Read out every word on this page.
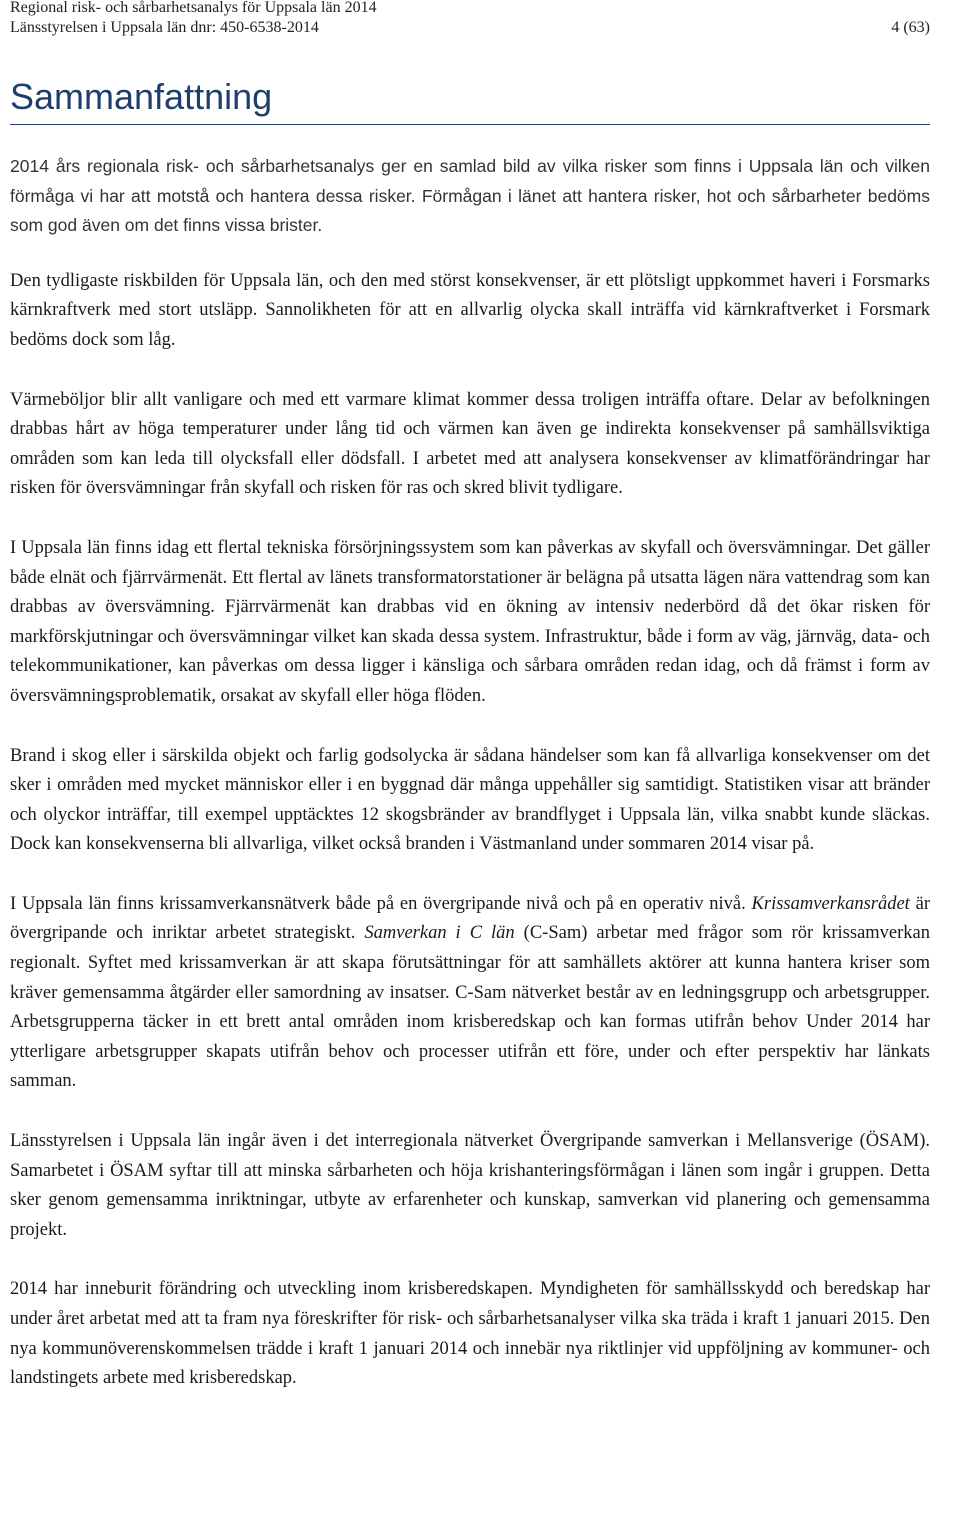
Regional risk- och sårbarhetsanalys för Uppsala län 2014
Länsstyrelsen i Uppsala län dnr: 450-6538-2014	4 (63)
Sammanfattning

2014 års regionala risk- och sårbarhetsanalys ger en samlad bild av vilka risker som finns i Uppsala län och vilken förmåga vi har att motstå och hantera dessa risker. Förmågan i länet att hantera risker, hot och sårbarheter bedöms som god även om det finns vissa brister.

Den tydligaste riskbilden för Uppsala län, och den med störst konsekvenser, är ett plötsligt uppkommet haveri i Forsmarks kärnkraftverk med stort utsläpp. Sannolikheten för att en allvarlig olycka skall inträffa vid kärnkraftverket i Forsmark bedöms dock som låg.

Värmeböljor blir allt vanligare och med ett varmare klimat kommer dessa troligen inträffa oftare. Delar av befolkningen drabbas hårt av höga temperaturer under lång tid och värmen kan även ge indirekta konsekvenser på samhällsviktiga områden som kan leda till olycksfall eller dödsfall. I arbetet med att analysera konsekvenser av klimatförändringar har risken för översvämningar från skyfall och risken för ras och skred blivit tydligare.

I Uppsala län finns idag ett flertal tekniska försörjningssystem som kan påverkas av skyfall och översvämningar. Det gäller både elnät och fjärrvärmenät. Ett flertal av länets transformatorstationer är belägna på utsatta lägen nära vattendrag som kan drabbas av översvämning. Fjärrvärmenät kan drabbas vid en ökning av intensiv nederbörd då det ökar risken för markförskjutningar och översvämningar vilket kan skada dessa system. Infrastruktur, både i form av väg, järnväg, data- och telekommunikationer, kan påverkas om dessa ligger i känsliga och sårbara områden redan idag, och då främst i form av översvämningsproblematik, orsakat av skyfall eller höga flöden.

Brand i skog eller i särskilda objekt och farlig godsolycka är sådana händelser som kan få allvarliga konsekvenser om det sker i områden med mycket människor eller i en byggnad där många uppehåller sig samtidigt. Statistiken visar att bränder och olyckor inträffar, till exempel upptäcktes 12 skogsbränder av brandflyget i Uppsala län, vilka snabbt kunde släckas. Dock kan konsekvenserna bli allvarliga, vilket också branden i Västmanland under sommaren 2014 visar på.

I Uppsala län finns krissamverkansnätverk både på en övergripande nivå och på en operativ nivå. Krissamverkansrådet är övergripande och inriktar arbetet strategiskt. Samverkan i C län (C-Sam) arbetar med frågor som rör krissamverkan regionalt. Syftet med krissamverkan är att skapa förutsättningar för att samhällets aktörer att kunna hantera kriser som kräver gemensamma åtgärder eller samordning av insatser. C-Sam nätverket består av en ledningsgrupp och arbetsgrupper. Arbetsgrupperna täcker in ett brett antal områden inom krisberedskap och kan formas utifrån behov Under 2014 har ytterligare arbetsgrupper skapats utifrån behov och processer utifrån ett före, under och efter perspektiv har länkats samman.

Länsstyrelsen i Uppsala län ingår även i det interregionala nätverket Övergripande samverkan i Mellansverige (ÖSAM). Samarbetet i ÖSAM syftar till att minska sårbarheten och höja krishanteringsförmågan i länen som ingår i gruppen. Detta sker genom gemensamma inriktningar, utbyte av erfarenheter och kunskap, samverkan vid planering och gemensamma projekt.

2014 har inneburit förändring och utveckling inom krisberedskapen. Myndigheten för samhällsskydd och beredskap har under året arbetat med att ta fram nya föreskrifter för risk- och sårbarhetsanalyser vilka ska träda i kraft 1 januari 2015. Den nya kommunöverenskommelsen trädde i kraft 1 januari 2014 och innebär nya riktlinjer vid uppföljning av kommuner- och landstingets arbete med krisberedskap.
